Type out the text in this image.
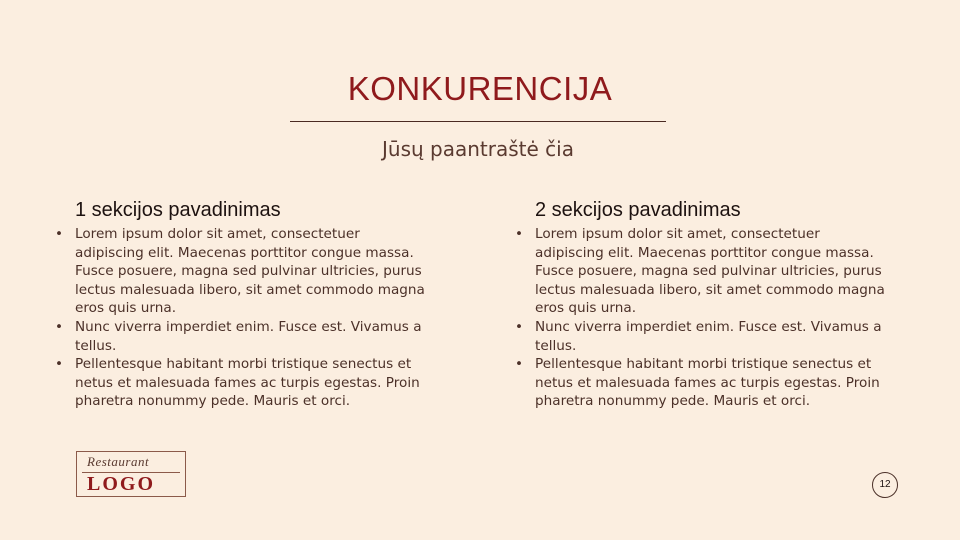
KONKURENCIJA
Jūsų paantraštė čia
1 sekcijos pavadinimas
• Lorem ipsum dolor sit amet, consectetuer adipiscing elit. Maecenas porttitor congue massa. Fusce posuere, magna sed pulvinar ultricies, purus lectus malesuada libero, sit amet commodo magna eros quis urna.
• Nunc viverra imperdiet enim. Fusce est. Vivamus a tellus.
• Pellentesque habitant morbi tristique senectus et netus et malesuada fames ac turpis egestas. Proin pharetra nonummy pede. Mauris et orci.
2 sekcijos pavadinimas
• Lorem ipsum dolor sit amet, consectetuer adipiscing elit. Maecenas porttitor congue massa. Fusce posuere, magna sed pulvinar ultricies, purus lectus malesuada libero, sit amet commodo magna eros quis urna.
• Nunc viverra imperdiet enim. Fusce est. Vivamus a tellus.
• Pellentesque habitant morbi tristique senectus et netus et malesuada fames ac turpis egestas. Proin pharetra nonummy pede. Mauris et orci.
Restaurant
LOGO	12
